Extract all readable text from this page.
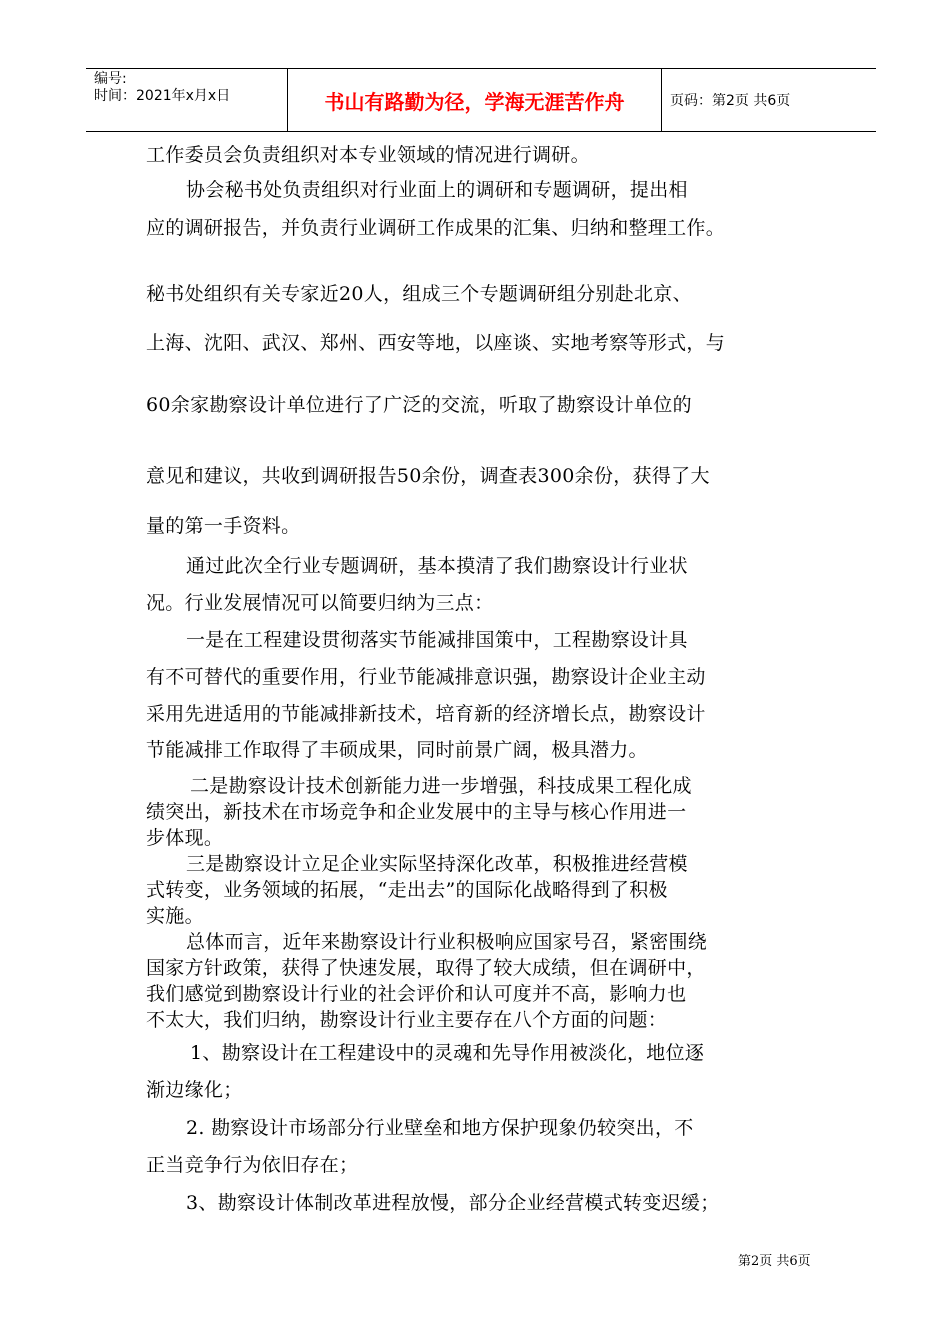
编号:
时间：2021年x月x日	书山有路勤为径，学海无涯苦作舟	页码：第2页 共6页
工作委员会负责组织对本专业领域的情况进行调研。
协会秘书处负责组织对行业面上的调研和专题调研，提出相
应的调研报告，并负责行业调研工作成果的汇集、归纳和整理工作。
秘书处组织有关专家近20人，组成三个专题调研组分别赴北京、
上海、沈阳、武汉、郑州、西安等地，以座谈、实地考察等形式，与
60余家勘察设计单位进行了广泛的交流，听取了勘察设计单位的
意见和建议，共收到调研报告50余份，调查表300余份，获得了大
量的第一手资料。
通过此次全行业专题调研，基本摸清了我们勘察设计行业状
况。行业发展情况可以简要归纳为三点：
一是在工程建设贯彻落实节能减排国策中，工程勘察设计具
有不可替代的重要作用，行业节能减排意识强，勘察设计企业主动
采用先进适用的节能减排新技术，培育新的经济增长点，勘察设计
节能减排工作取得了丰硕成果，同时前景广阔，极具潜力。
二是勘察设计技术创新能力进一步增强，科技成果工程化成
绩突出，新技术在市场竞争和企业发展中的主导与核心作用进一
步体现。
三是勘察设计立足企业实际坚持深化改革，积极推进经营模
式转变，业务领域的拓展，“走出去”的国际化战略得到了积极
实施。
总体而言，近年来勘察设计行业积极响应国家号召，紧密围绕
国家方针政策，获得了快速发展，取得了较大成绩，但在调研中，
我们感觉到勘察设计行业的社会评价和认可度并不高，影响力也
不太大，我们归纳，勘察设计行业主要存在八个方面的问题：
1、勘察设计在工程建设中的灵魂和先导作用被淡化，地位逐
渐边缘化；
2. 勘察设计市场部分行业壁垒和地方保护现象仍较突出，不
正当竞争行为依旧存在；
3、勘察设计体制改革进程放慢，部分企业经营模式转变迟缓；
第2页 共6页
